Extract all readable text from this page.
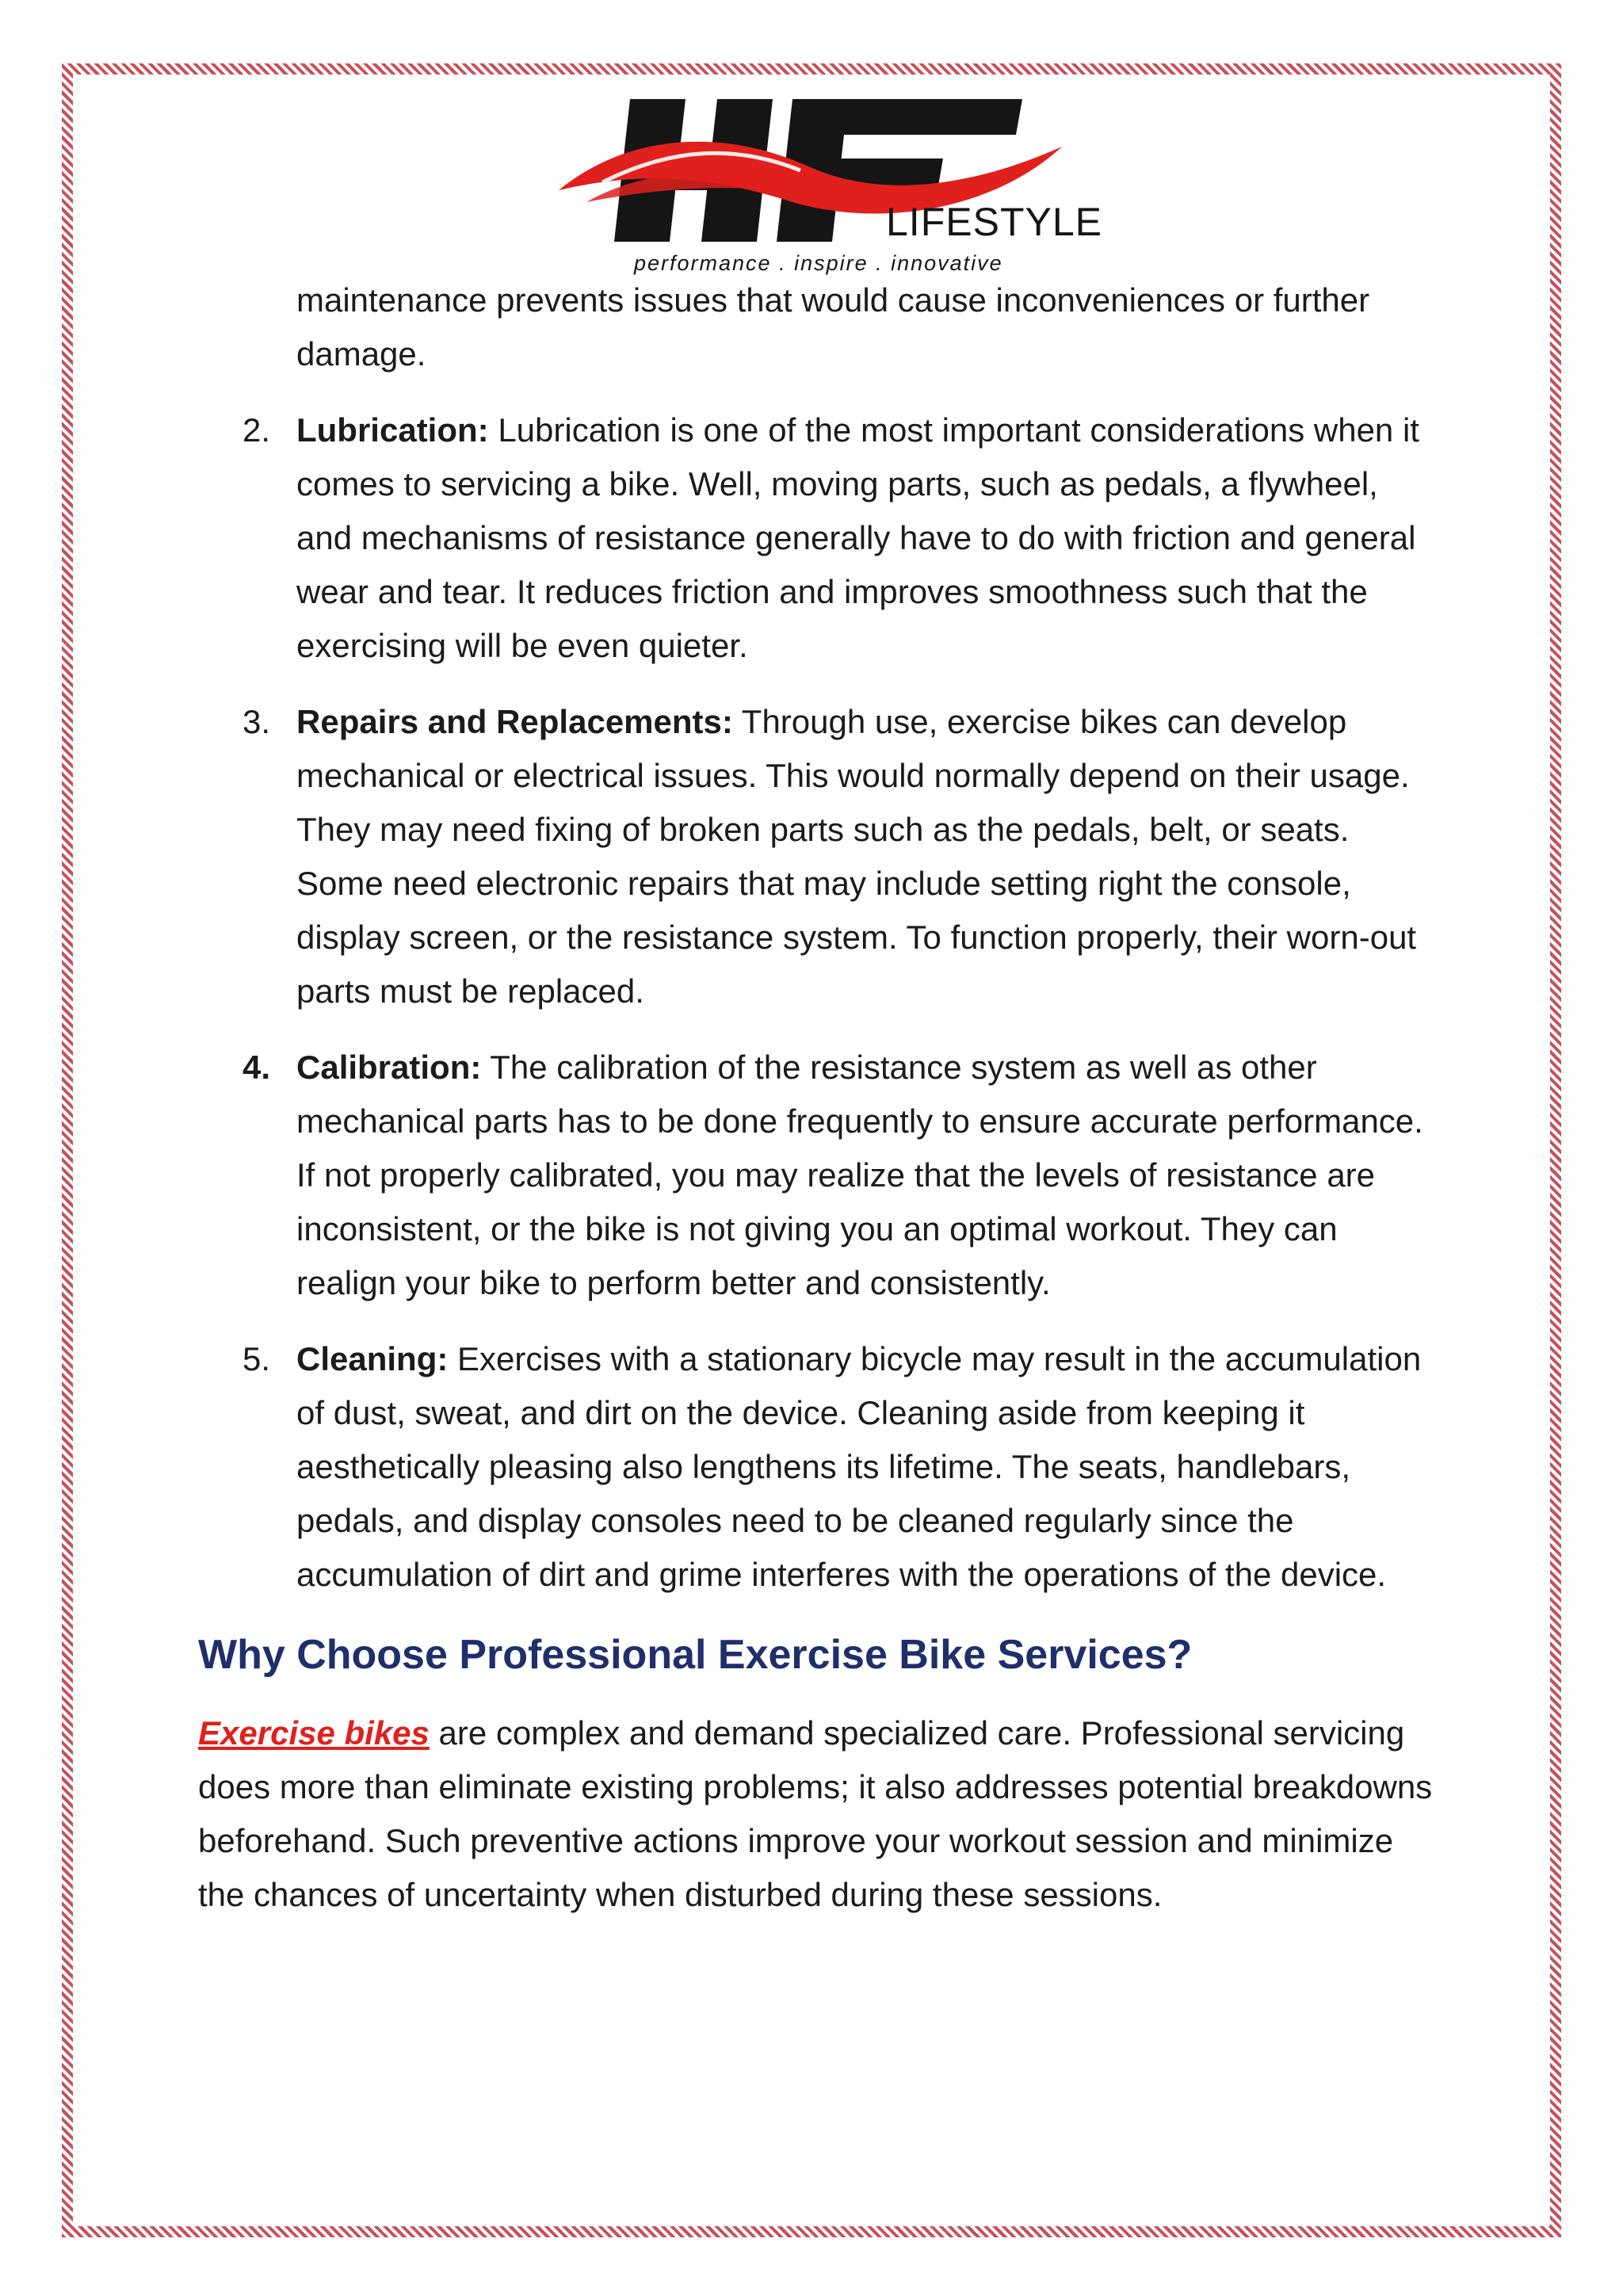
LIFESTYLE
performance . inspire . innovative

maintenance prevents issues that would cause inconveniences or further damage.

2. Lubrication: Lubrication is one of the most important considerations when it comes to servicing a bike. Well, moving parts, such as pedals, a flywheel, and mechanisms of resistance generally have to do with friction and general wear and tear. It reduces friction and improves smoothness such that the exercising will be even quieter.
3. Repairs and Replacements: Through use, exercise bikes can develop mechanical or electrical issues. This would normally depend on their usage. They may need fixing of broken parts such as the pedals, belt, or seats. Some need electronic repairs that may include setting right the console, display screen, or the resistance system. To function properly, their worn-out parts must be replaced.
4. Calibration: The calibration of the resistance system as well as other mechanical parts has to be done frequently to ensure accurate performance. If not properly calibrated, you may realize that the levels of resistance are inconsistent, or the bike is not giving you an optimal workout. They can realign your bike to perform better and consistently.
5. Cleaning: Exercises with a stationary bicycle may result in the accumulation of dust, sweat, and dirt on the device. Cleaning aside from keeping it aesthetically pleasing also lengthens its lifetime. The seats, handlebars, pedals, and display consoles need to be cleaned regularly since the accumulation of dirt and grime interferes with the operations of the device.
Why Choose Professional Exercise Bike Services?

Exercise bikes are complex and demand specialized care. Professional servicing does more than eliminate existing problems; it also addresses potential breakdowns beforehand. Such preventive actions improve your workout session and minimize the chances of uncertainty when disturbed during these sessions.
